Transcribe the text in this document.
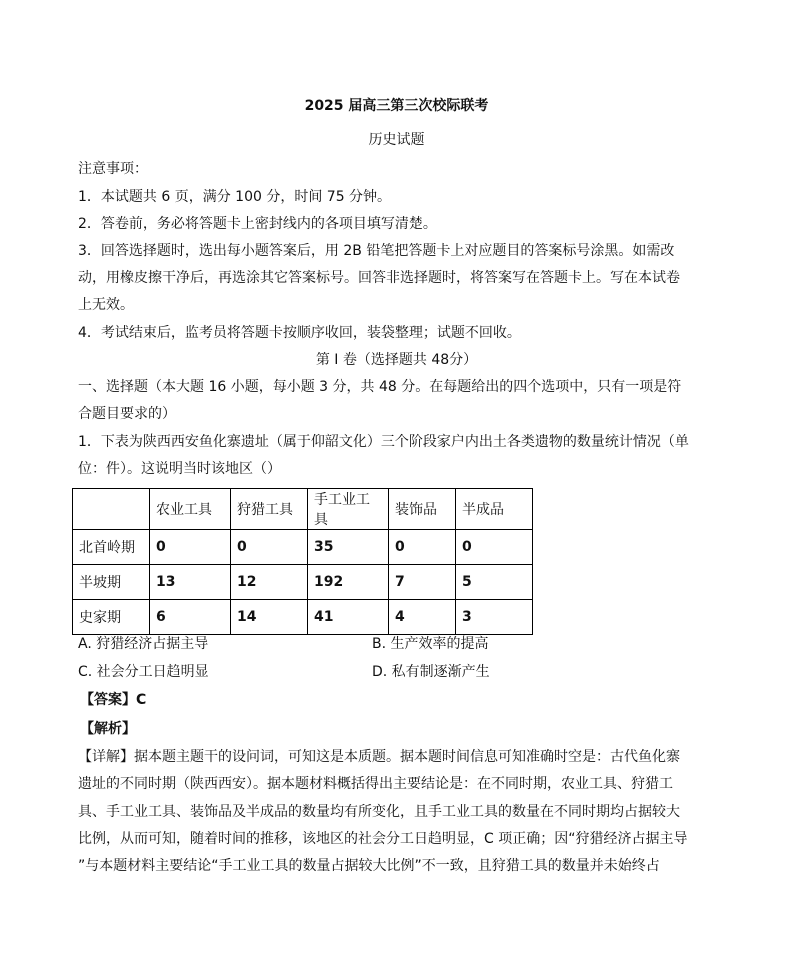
2025 届高三第三次校际联考
历史试题
注意事项：
1．本试题共 6 页，满分 100 分，时间 75 分钟。
2．答卷前，务必将答题卡上密封线内的各项目填写清楚。
3．回答选择题时，选出每小题答案后，用 2B 铅笔把答题卡上对应题目的答案标号涂黑。如需改
动，用橡皮擦干净后，再选涂其它答案标号。回答非选择题时，将答案写在答题卡上。写在本试卷
上无效。
4．考试结束后，监考员将答题卡按顺序收回，装袋整理；试题不回收。
第 I 卷（选择题共 48分）
一、选择题（本大题 16 小题，每小题 3 分，共 48 分。在每题给出的四个选项中，只有一项是符
合题目要求的）
1．下表为陕西西安鱼化寨遗址（属于仰韶文化）三个阶段家户内出土各类遗物的数量统计情况（单
位：件）。这说明当时该地区（）
	农业工具	狩猎工具	手工业工具	装饰品	半成品
北首岭期	0	0	35	0	0
半坡期	13	12	192	7	5
史家期	6	14	41	4	3
A. 狩猎经济占据主导	B. 生产效率的提高
C. 社会分工日趋明显	D. 私有制逐渐产生
【答案】C
【解析】
【详解】据本题主题干的设问词，可知这是本质题。据本题时间信息可知准确时空是：古代鱼化寨
遗址的不同时期（陕西西安）。据本题材料概括得出主要结论是：在不同时期，农业工具、狩猎工
具、手工业工具、装饰品及半成品的数量均有所变化，且手工业工具的数量在不同时期均占据较大
比例，从而可知，随着时间的推移，该地区的社会分工日趋明显，C 项正确；因“狩猎经济占据主导
”与本题材料主要结论“手工业工具的数量占据较大比例”不一致，且狩猎工具的数量并未始终占
